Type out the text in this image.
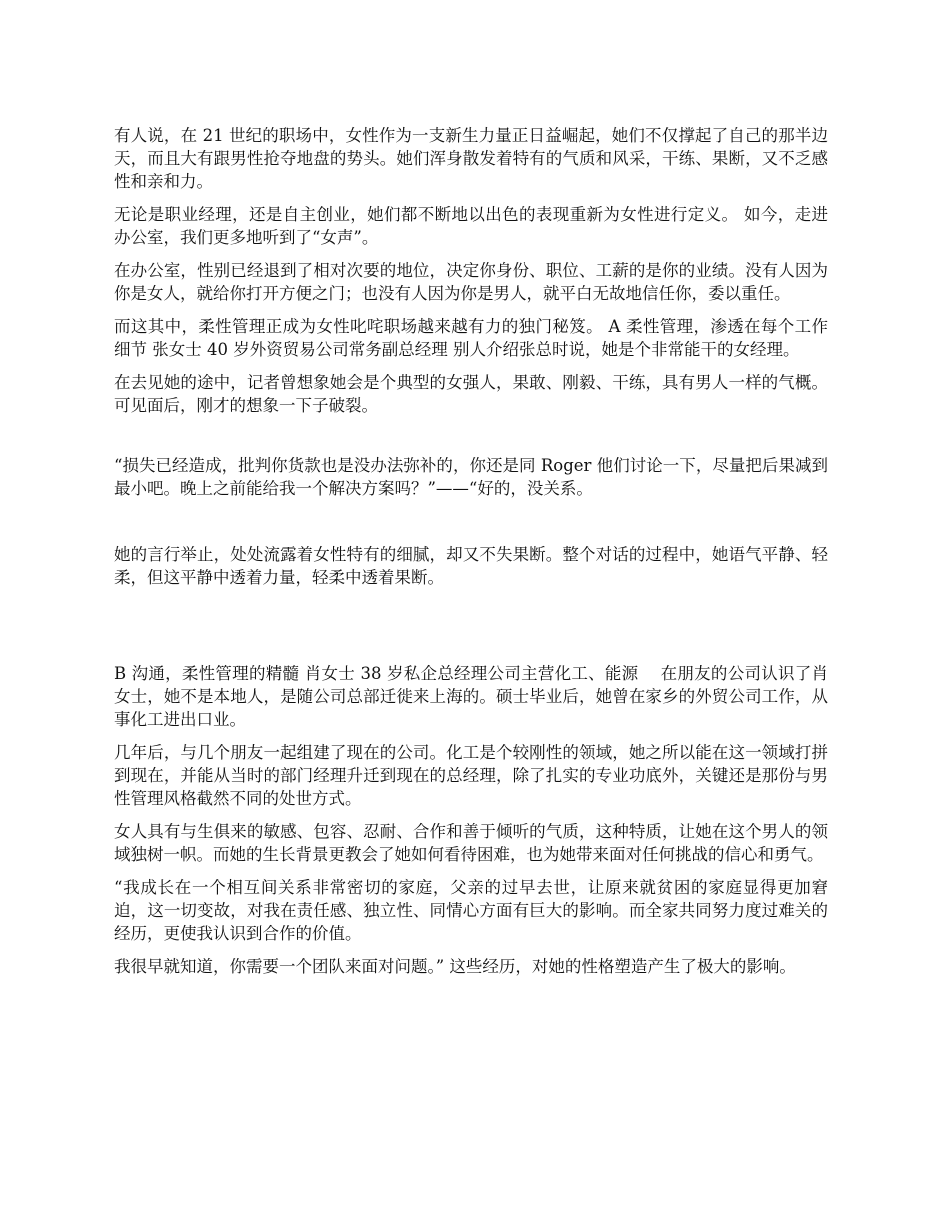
有人说，在 21 世纪的职场中，女性作为一支新生力量正日益崛起，她们不仅撑起了自己的那半边天，而且大有跟男性抢夺地盘的势头。她们浑身散发着特有的气质和风采，干练、果断，又不乏感性和亲和力。

无论是职业经理，还是自主创业，她们都不断地以出色的表现重新为女性进行定义。 如今，走进办公室，我们更多地听到了“女声”。

在办公室，性别已经退到了相对次要的地位，决定你身份、职位、工薪的是你的业绩。没有人因为你是女人，就给你打开方便之门；也没有人因为你是男人，就平白无故地信任你，委以重任。

而这其中，柔性管理正成为女性叱咤职场越来越有力的独门秘笈。 A 柔性管理，渗透在每个工作细节 张女士 40 岁外资贸易公司常务副总经理 别人介绍张总时说，她是个非常能干的女经理。

在去见她的途中，记者曾想象她会是个典型的女强人，果敢、刚毅、干练，具有男人一样的气概。可见面后，刚才的想象一下子破裂。

“损失已经造成，批判你货款也是没办法弥补的，你还是同 Roger 他们讨论一下，尽量把后果减到最小吧。晚上之前能给我一个解决方案吗？”——“好的，没关系。

她的言行举止，处处流露着女性特有的细腻，却又不失果断。整个对话的过程中，她语气平静、轻柔，但这平静中透着力量，轻柔中透着果断。

B 沟通，柔性管理的精髓 肖女士 38 岁私企总经理公司主营化工、能源　 在朋友的公司认识了肖女士，她不是本地人，是随公司总部迁徙来上海的。硕士毕业后，她曾在家乡的外贸公司工作，从事化工进出口业。

几年后，与几个朋友一起组建了现在的公司。化工是个较刚性的领域，她之所以能在这一领域打拼到现在，并能从当时的部门经理升迁到现在的总经理，除了扎实的专业功底外，关键还是那份与男性管理风格截然不同的处世方式。

女人具有与生俱来的敏感、包容、忍耐、合作和善于倾听的气质，这种特质，让她在这个男人的领域独树一帜。而她的生长背景更教会了她如何看待困难，也为她带来面对任何挑战的信心和勇气。

“我成长在一个相互间关系非常密切的家庭，父亲的过早去世，让原来就贫困的家庭显得更加窘迫，这一切变故，对我在责任感、独立性、同情心方面有巨大的影响。而全家共同努力度过难关的经历，更使我认识到合作的价值。

我很早就知道，你需要一个团队来面对问题。” 这些经历，对她的性格塑造产生了极大的影响。
